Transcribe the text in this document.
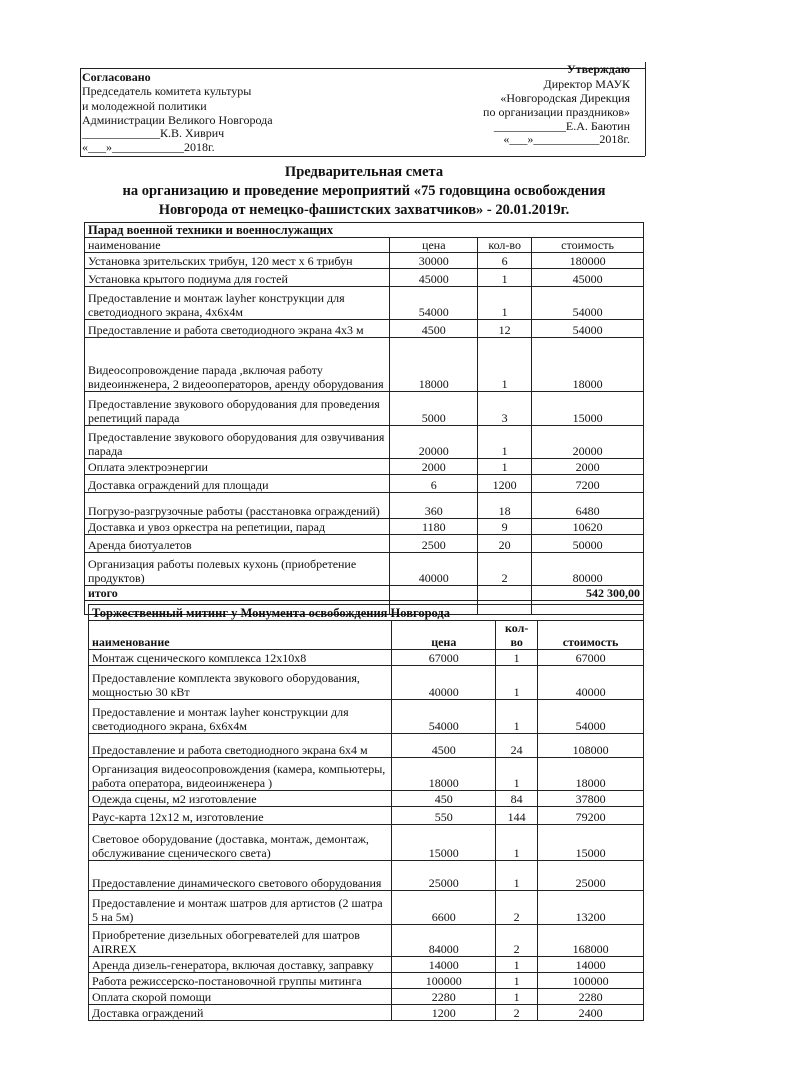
Согласовано
Председатель комитета культуры
и молодежной политики
Администрации Великого Новгорода
_____________К.В. Хиврич
«___»____________2018г.
Утверждаю
Директор МАУК
«Новгородская Дирекция
по организации праздников»
____________Е.А. Баютин
«___»___________2018г.
Предварительная смета
на организацию и проведение мероприятий «75 годовщина освобождения
Новгорода от немецко-фашистских захватчиков» - 20.01.2019г.
Парад военной техники и военнослужащих			
наименование	цена	кол-во	стоимость
Установка зрительских трибун, 120 мест х 6 трибун	30000	6	180000
Установка крытого подиума для гостей	45000	1	45000
Предоставление и монтаж layher конструкции для светодиодного экрана, 4х6х4м	54000	1	54000
Предоставление и работа светодиодного экрана 4х3 м	4500	12	54000
Видеосопровождение парада ,включая работу видеоинженера, 2 видеооператоров, аренду оборудования	18000	1	18000
Предоставление звукового оборудования для проведения репетиций парада	5000	3	15000
Предоставление звукового оборудования для озвучивания парада	20000	1	20000
Оплата электроэнергии	2000	1	2000
Доставка ограждений для площади	6	1200	7200
Погрузо-разгрузочные работы (расстановка ограждений)	360	18	6480
Доставка и увоз оркестра на репетиции, парад	1180	9	10620
Аренда биотуалетов	2500	20	50000
Организация работы полевых кухонь (приобретение продуктов)	40000	2	80000
итого			542 300,00

Торжественный митинг у Монумента освобождения Новгорода			
наименование	цена	кол-во	стоимость
Монтаж сценического комплекса 12х10х8	67000	1	67000
Предоставление комплекта звукового оборудования, мощностью 30 кВт	40000	1	40000
Предоставление и монтаж layher конструкции для светодиодного экрана, 6х6х4м	54000	1	54000
Предоставление и работа светодиодного экрана 6х4 м	4500	24	108000
Организация видеосопровождения (камера, компьютеры, работа оператора, видеоинженера )	18000	1	18000
Одежда сцены, м2 изготовление	450	84	37800
Раус-карта 12х12 м, изготовление	550	144	79200
Световое оборудование (доставка, монтаж, демонтаж, обслуживание сценического света)	15000	1	15000
Предоставление динамического светового оборудования	25000	1	25000
Предоставление и монтаж шатров для артистов (2 шатра 5 на 5м)	6600	2	13200
Приобретение дизельных обогревателей для шатров AIRREX	84000	2	168000
Аренда дизель-генератора, включая доставку, заправку	14000	1	14000
Работа режиссерско-постановочной группы митинга	100000	1	100000
Оплата скорой помощи	2280	1	2280
Доставка ограждений	1200	2	2400
